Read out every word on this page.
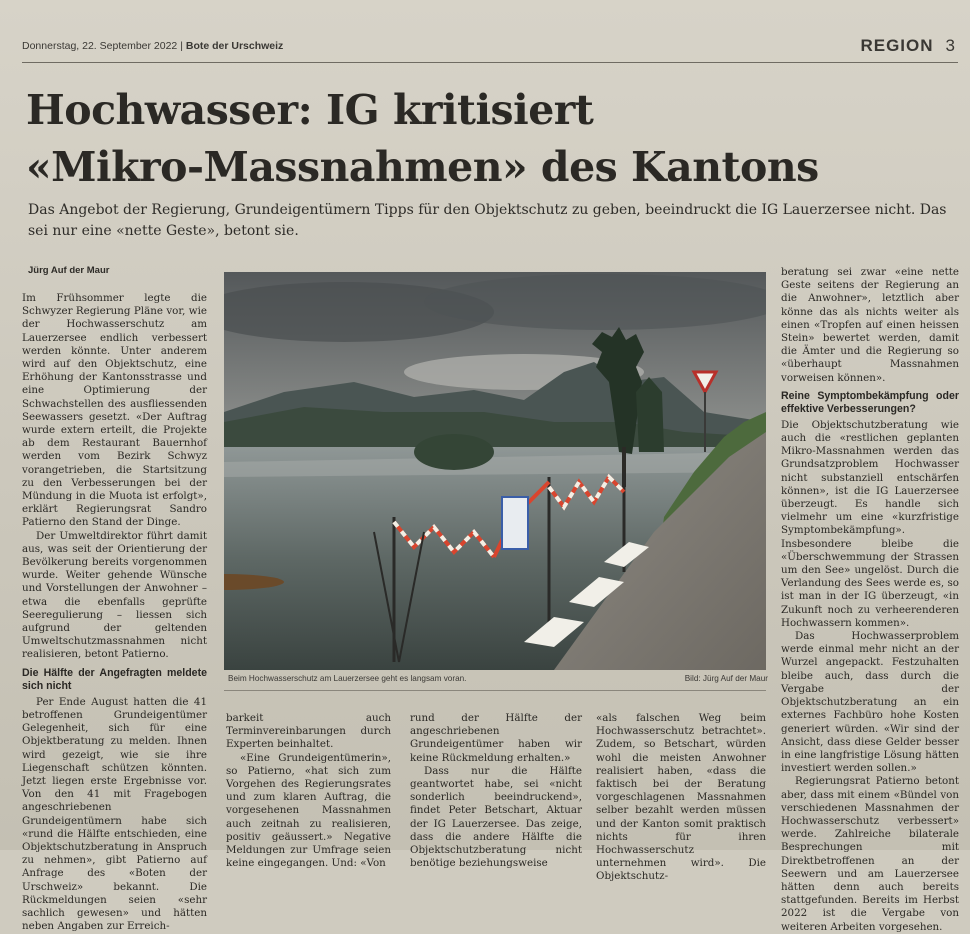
Donnerstag, 22. September 2022 | Bote der Urschweiz	REGION 3
Hochwasser: IG kritisiert
«Mikro-Massnahmen» des Kantons
Das Angebot der Regierung, Grundeigentümern Tipps für den Objektschutz zu geben, beeindruckt die IG Lauerzersee nicht. Das sei nur eine «nette Geste», betont sie.
Jürg Auf der Maur

Im Frühsommer legte die Schwyzer Regierung Pläne vor, wie der Hochwasserschutz am Lauerzersee endlich verbessert werden könnte. Unter anderem wird auf den Objektschutz, eine Erhöhung der Kantonsstrasse und eine Optimierung der Schwachstellen des ausfliessenden Seewassers gesetzt. «Der Auftrag wurde extern erteilt, die Projekte ab dem Restaurant Bauernhof werden vom Bezirk Schwyz vorangetrieben, die Startsitzung zu den Verbesserungen bei der Mündung in die Muota ist erfolgt», erklärt Regierungsrat Sandro Patierno den Stand der Dinge.

Der Umweltdirektor führt damit aus, was seit der Orientierung der Bevölkerung bereits vorgenommen wurde. Weiter gehende Wünsche und Vorstellungen der Anwohner – etwa die ebenfalls geprüfte Seeregulierung – liessen sich aufgrund der geltenden Umweltschutzmassnahmen nicht realisieren, betont Patierno.

Die Hälfte der Angefragten meldete sich nicht

Per Ende August hatten die 41 betroffenen Grundeigentümer Gelegenheit, sich für eine Objektberatung zu melden. Ihnen wird gezeigt, wie sie ihre Liegenschaft schützen könnten. Jetzt liegen erste Ergebnisse vor. Von den 41 mit Fragebogen angeschriebenen Grundeigentümern habe sich «rund die Hälfte entschieden, eine Objektschutzberatung in Anspruch zu nehmen», gibt Patierno auf Anfrage des «Boten der Urschweiz» bekannt. Die Rückmeldungen seien «sehr sachlich gewesen» und hätten neben Angaben zur Erreich-

Beim Hochwasserschutz am Lauerzersee geht es langsam voran.	Bild: Jürg Auf der Maur

barkeit auch Terminvereinbarungen durch Experten beinhaltet.

«Eine Grundeigentümerin», so Patierno, «hat sich zum Vorgehen des Regierungsrates und zum klaren Auftrag, die vorgesehenen Massnahmen auch zeitnah zu realisieren, positiv geäussert.» Negative Meldungen zur Umfrage seien keine eingegangen. Und: «Von

rund der Hälfte der angeschriebenen Grundeigentümer haben wir keine Rückmeldung erhalten.»

Dass nur die Hälfte geantwortet habe, sei «nicht sonderlich beeindruckend», findet Peter Betschart, Aktuar der IG Lauerzersee. Das zeige, dass die andere Hälfte die Objektschutzberatung nicht benötige beziehungsweise

«als falschen Weg beim Hochwasserschutz betrachtet». Zudem, so Betschart, würden wohl die meisten Anwohner realisiert haben, «dass die faktisch bei der Beratung vorgeschlagenen Massnahmen selber bezahlt werden müssen und der Kanton somit praktisch nichts für ihren Hochwasserschutz unternehmen wird». Die Objektschutz-

beratung sei zwar «eine nette Geste seitens der Regierung an die Anwohner», letztlich aber könne das als nichts weiter als einen «Tropfen auf einen heissen Stein» bewertet werden, damit die Ämter und die Regierung so «überhaupt Massnahmen vorweisen können».

Reine Symptombekämpfung oder effektive Verbesserungen?

Die Objektschutzberatung wie auch die «restlichen geplanten Mikro-Massnahmen werden das Grundsatzproblem Hochwasser nicht substanziell entschärfen können», ist die IG Lauerzersee überzeugt. Es handle sich vielmehr um eine «kurzfristige Symptombekämpfung». Insbesondere bleibe die «Überschwemmung der Strassen um den See» ungelöst. Durch die Verlandung des Sees werde es, so ist man in der IG überzeugt, «in Zukunft noch zu verheerenderen Hochwassern kommen».

Das Hochwasserproblem werde einmal mehr nicht an der Wurzel angepackt. Festzuhalten bleibe auch, dass durch die Vergabe der Objektschutzberatung an ein externes Fachbüro hohe Kosten generiert würden. «Wir sind der Ansicht, dass diese Gelder besser in eine langfristige Lösung hätten investiert werden sollen.»

Regierungsrat Patierno betont aber, dass mit einem «Bündel von verschiedenen Massnahmen der Hochwasserschutz verbessert» werde. Zahlreiche bilaterale Besprechungen mit Direktbetroffenen an der Seewern und am Lauerzersee hätten denn auch bereits stattgefunden. Bereits im Herbst 2022 ist die Vergabe von weiteren Arbeiten vorgesehen.
